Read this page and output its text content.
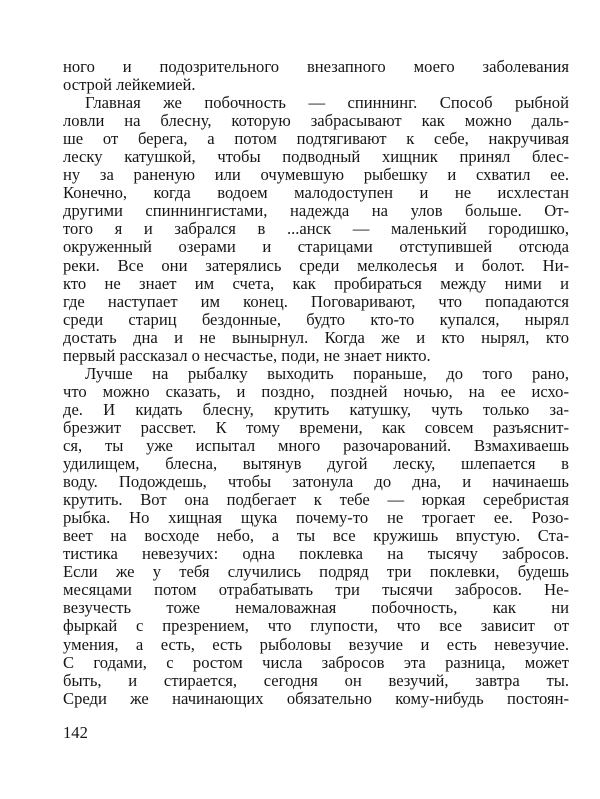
ного и подозрительного внезапного моего заболевания
острой лейкемией.
Главная же побочность — спиннинг. Способ рыбной
ловли на блесну, которую забрасывают как можно даль-
ше от берега, а потом подтягивают к себе, накручивая
леску катушкой, чтобы подводный хищник принял блес-
ну за раненую или очумевшую рыбешку и схватил ее.
Конечно, когда водоем малодоступен и не исхлестан
другими спиннингистами, надежда на улов больше. От-
того я и забрался в ...анск — маленький городишко,
окруженный озерами и старицами отступившей отсюда
реки. Все они затерялись среди мелколесья и болот. Ни-
кто не знает им счета, как пробираться между ними и
где наступает им конец. Поговаривают, что попадаются
среди стариц бездонные, будто кто-то купался, нырял
достать дна и не вынырнул. Когда же и кто нырял, кто
первый рассказал о несчастье, поди, не знает никто.
Лучше на рыбалку выходить пораньше, до того рано,
что можно сказать, и поздно, поздней ночью, на ее исхо-
де. И кидать блесну, крутить катушку, чуть только за-
брезжит рассвет. К тому времени, как совсем разъяснит-
ся, ты уже испытал много разочарований. Взмахиваешь
удилищем, блесна, вытянув дугой леску, шлепается в
воду. Подождешь, чтобы затонула до дна, и начинаешь
крутить. Вот она подбегает к тебе — юркая серебристая
рыбка. Но хищная щука почему-то не трогает ее. Розо-
веет на восходе небо, а ты все кружишь впустую. Ста-
тистика невезучих: одна поклевка на тысячу забросов.
Если же у тебя случились подряд три поклевки, будешь
месяцами потом отрабатывать три тысячи забросов. Не-
везучесть тоже немаловажная побочность, как ни
фыркай с презрением, что глупости, что все зависит от
умения, а есть, есть рыболовы везучие и есть невезучие.
С годами, с ростом числа забросов эта разница, может
быть, и стирается, сегодня он везучий, завтра ты.
Среди же начинающих обязательно кому-нибудь постоян-
142
